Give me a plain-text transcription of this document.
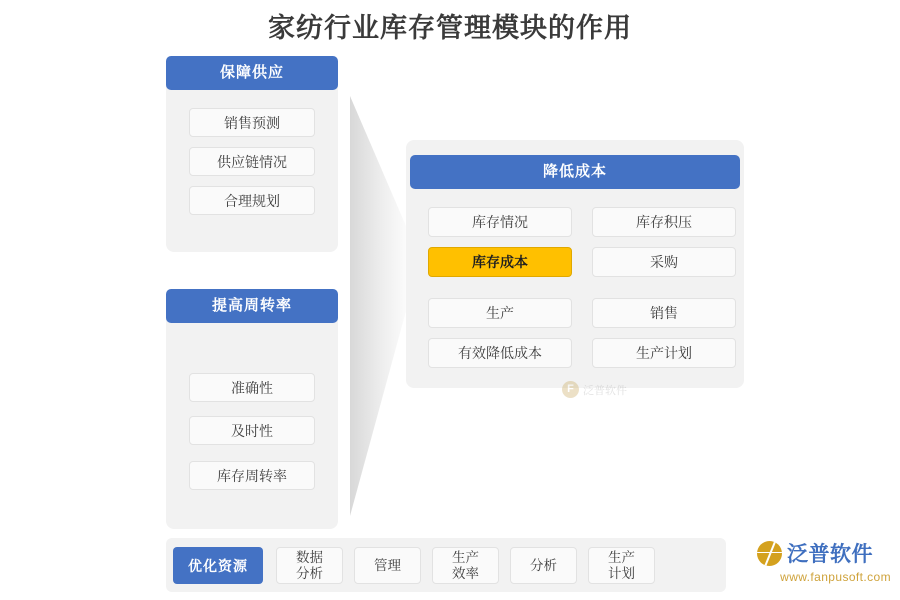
家纺行业库存管理模块的作用
保障供应
销售预测
供应链情况
合理规划
提高周转率
准确性
及时性
库存周转率
降低成本
库存情况
库存成本
生产
有效降低成本
库存积压
采购
销售
生产计划
F 泛普软件
优化资源
数据
分析
管理
生产
效率
分析
生产
计划
泛普软件
www.fanpusoft.com
